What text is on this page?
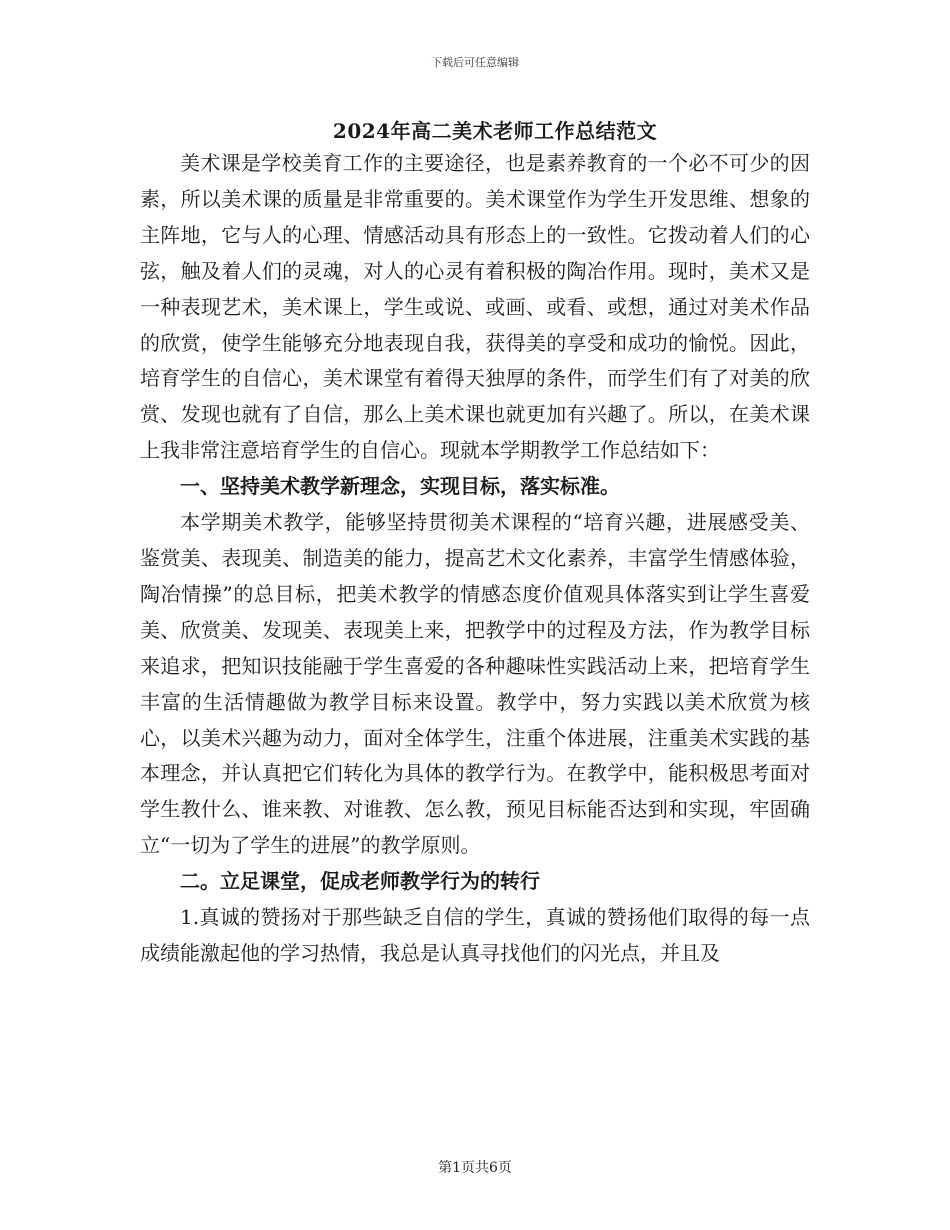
下载后可任意编辑
2024年高二美术老师工作总结范文

美术课是学校美育工作的主要途径，也是素养教育的一个必不可少的因素，所以美术课的质量是非常重要的。美术课堂作为学生开发思维、想象的主阵地，它与人的心理、情感活动具有形态上的一致性。它拨动着人们的心弦，触及着人们的灵魂，对人的心灵有着积极的陶冶作用。现时，美术又是一种表现艺术，美术课上，学生或说、或画、或看、或想，通过对美术作品的欣赏，使学生能够充分地表现自我，获得美的享受和成功的愉悦。因此，培育学生的自信心，美术课堂有着得天独厚的条件，而学生们有了对美的欣赏、发现也就有了自信，那么上美术课也就更加有兴趣了。所以，在美术课上我非常注意培育学生的自信心。现就本学期教学工作总结如下：

一、坚持美术教学新理念，实现目标，落实标准。

本学期美术教学，能够坚持贯彻美术课程的“培育兴趣，进展感受美、鉴赏美、表现美、制造美的能力，提高艺术文化素养，丰富学生情感体验，陶冶情操”的总目标，把美术教学的情感态度价值观具体落实到让学生喜爱美、欣赏美、发现美、表现美上来，把教学中的过程及方法，作为教学目标来追求，把知识技能融于学生喜爱的各种趣味性实践活动上来，把培育学生丰富的生活情趣做为教学目标来设置。教学中，努力实践以美术欣赏为核心，以美术兴趣为动力，面对全体学生，注重个体进展，注重美术实践的基本理念，并认真把它们转化为具体的教学行为。在教学中，能积极思考面对学生教什么、谁来教、对谁教、怎么教，预见目标能否达到和实现，牢固确立“一切为了学生的进展”的教学原则。

二。立足课堂，促成老师教学行为的转行

1.真诚的赞扬对于那些缺乏自信的学生，真诚的赞扬他们取得的每一点成绩能激起他的学习热情，我总是认真寻找他们的闪光点，并且及

第1页共6页
